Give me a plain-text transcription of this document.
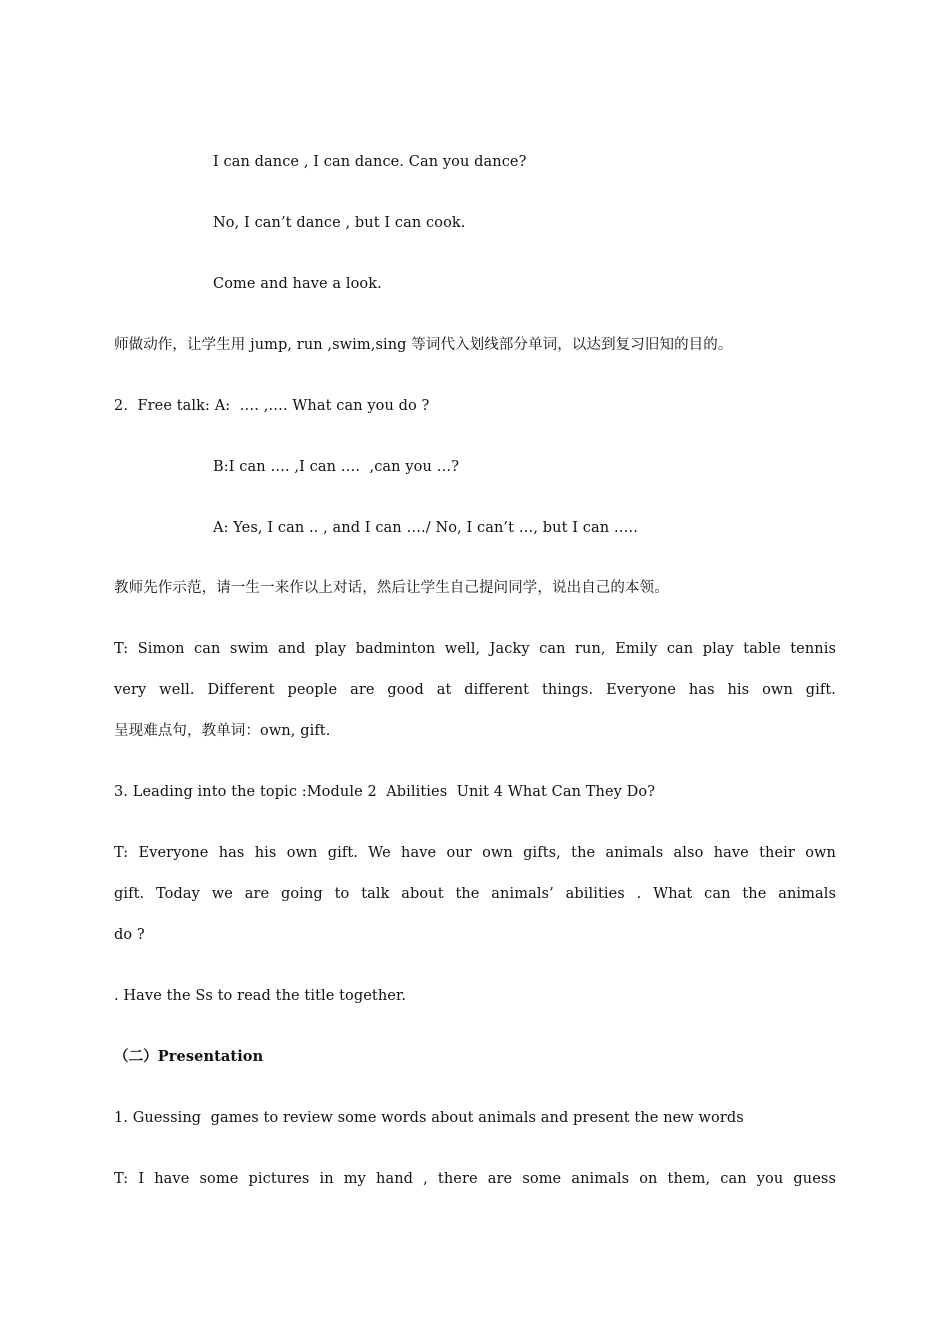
I can dance , I can dance. Can you dance?
No, I can’t dance , but I can cook.
Come and have a look.
师做动作，让学生用 jump, run ,swim,sing 等词代入划线部分单词，以达到复习旧知的目的。
2.  Free talk: A:  …. ,…. What can you do ?
B:I can …. ,I can ….  ,can you …?
A: Yes, I can .. , and I can …./ No, I can’t …, but I can …..
教师先作示范，请一生一来作以上对话，然后让学生自己提问同学，说出自己的本领。
T: Simon can swim and play badminton well, Jacky can run, Emily can play table tennis
very well. Different people are good at different things. Everyone has his own gift.
呈现难点句，教单词：own, gift.
3. Leading into the topic :Module 2  Abilities  Unit 4 What Can They Do?
T: Everyone has his own gift. We have our own gifts, the animals also have their own
gift. Today we are going to talk about the animals’ abilities . What can the animals
do ?
. Have the Ss to read the title together.
（二）Presentation
1. Guessing  games to review some words about animals and present the new words
T: I have some pictures in my hand , there are some animals on them, can you guess
